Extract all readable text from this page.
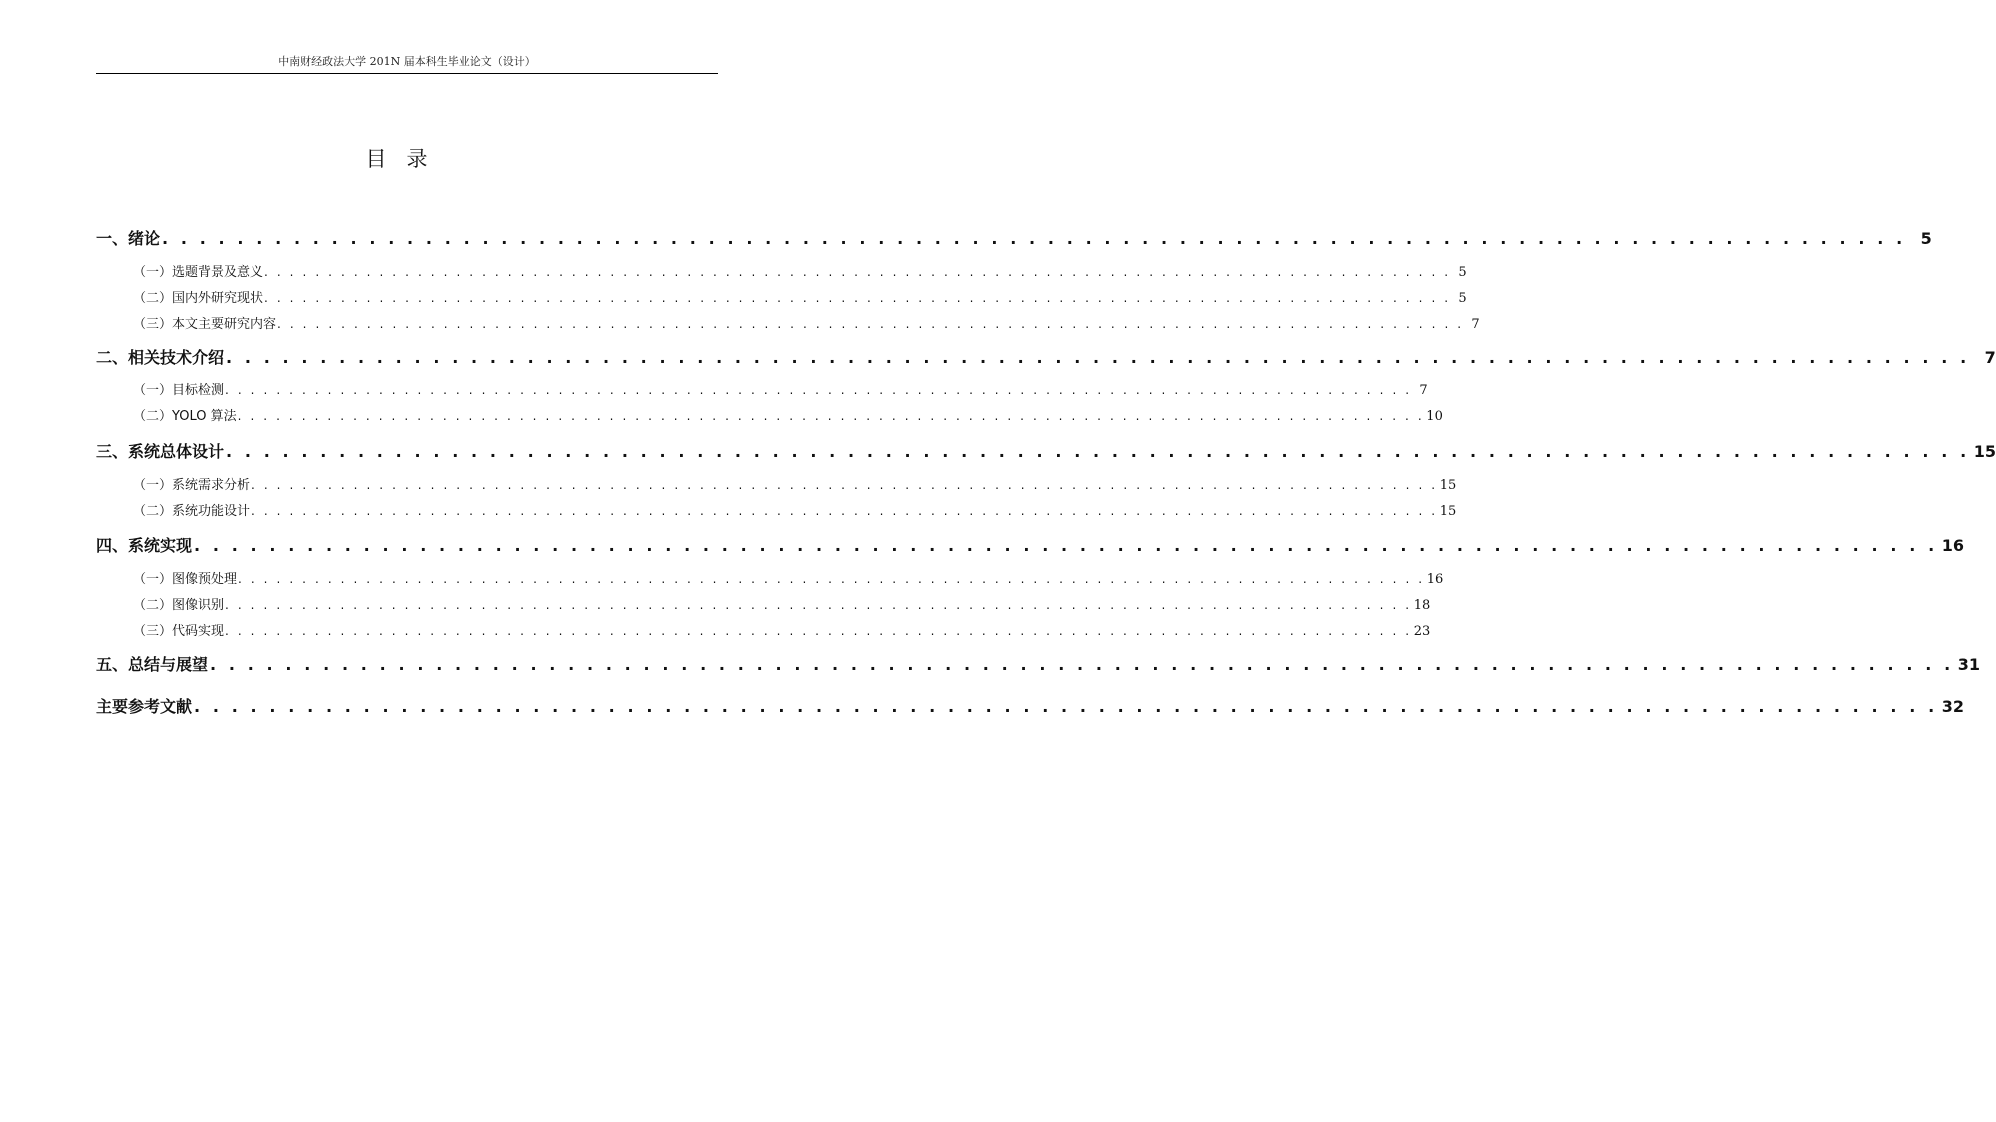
中南财经政法大学 201N 届本科生毕业论文（设计）
目录
一、绪论 . . . . . . . . . . . . . . . . . . . . . . . . . . . . . . . . . . . . . . . . . . . . . . . . . . . . . . . . . . . . . . . . . . . . . . . . . . . . . . . . . . . . . . . . . . . . . 5
（一）选题背景及意义 . . . . . . . . . . . . . . . . . . . . . . . . . . . . . . . . . . . . . . . . . . . . . . . . . . . . . . . . . . . . . . . . . . . . . . . . . . . . . . . . . . . . . . . . . . . . . 5
（二）国内外研究现状 . . . . . . . . . . . . . . . . . . . . . . . . . . . . . . . . . . . . . . . . . . . . . . . . . . . . . . . . . . . . . . . . . . . . . . . . . . . . . . . . . . . . . . . . . . . . . 5
（三）本文主要研究内容 . . . . . . . . . . . . . . . . . . . . . . . . . . . . . . . . . . . . . . . . . . . . . . . . . . . . . . . . . . . . . . . . . . . . . . . . . . . . . . . . . . . . . . . . . . . . . 7
二、相关技术介绍 . . . . . . . . . . . . . . . . . . . . . . . . . . . . . . . . . . . . . . . . . . . . . . . . . . . . . . . . . . . . . . . . . . . . . . . . . . . . . . . . . . . . . . . . . . . . . 7
（一）目标检测 . . . . . . . . . . . . . . . . . . . . . . . . . . . . . . . . . . . . . . . . . . . . . . . . . . . . . . . . . . . . . . . . . . . . . . . . . . . . . . . . . . . . . . . . . . . . . 7
（二）YOLO 算法 . . . . . . . . . . . . . . . . . . . . . . . . . . . . . . . . . . . . . . . . . . . . . . . . . . . . . . . . . . . . . . . . . . . . . . . . . . . . . . . . . . . . . . . . . . . . . 10
三、系统总体设计 . . . . . . . . . . . . . . . . . . . . . . . . . . . . . . . . . . . . . . . . . . . . . . . . . . . . . . . . . . . . . . . . . . . . . . . . . . . . . . . . . . . . . . . . . . . . . 15
（一）系统需求分析 . . . . . . . . . . . . . . . . . . . . . . . . . . . . . . . . . . . . . . . . . . . . . . . . . . . . . . . . . . . . . . . . . . . . . . . . . . . . . . . . . . . . . . . . . . . . . 15
（二）系统功能设计 . . . . . . . . . . . . . . . . . . . . . . . . . . . . . . . . . . . . . . . . . . . . . . . . . . . . . . . . . . . . . . . . . . . . . . . . . . . . . . . . . . . . . . . . . . . . . 15
四、系统实现 . . . . . . . . . . . . . . . . . . . . . . . . . . . . . . . . . . . . . . . . . . . . . . . . . . . . . . . . . . . . . . . . . . . . . . . . . . . . . . . . . . . . . . . . . . . . . 16
（一）图像预处理 . . . . . . . . . . . . . . . . . . . . . . . . . . . . . . . . . . . . . . . . . . . . . . . . . . . . . . . . . . . . . . . . . . . . . . . . . . . . . . . . . . . . . . . . . . . . . 16
（二）图像识别 . . . . . . . . . . . . . . . . . . . . . . . . . . . . . . . . . . . . . . . . . . . . . . . . . . . . . . . . . . . . . . . . . . . . . . . . . . . . . . . . . . . . . . . . . . . . . 18
（三）代码实现 . . . . . . . . . . . . . . . . . . . . . . . . . . . . . . . . . . . . . . . . . . . . . . . . . . . . . . . . . . . . . . . . . . . . . . . . . . . . . . . . . . . . . . . . . . . . . 23
五、总结与展望 . . . . . . . . . . . . . . . . . . . . . . . . . . . . . . . . . . . . . . . . . . . . . . . . . . . . . . . . . . . . . . . . . . . . . . . . . . . . . . . . . . . . . . . . . . . . . 31
主要参考文献 . . . . . . . . . . . . . . . . . . . . . . . . . . . . . . . . . . . . . . . . . . . . . . . . . . . . . . . . . . . . . . . . . . . . . . . . . . . . . . . . . . . . . . . . . . . . . 32
